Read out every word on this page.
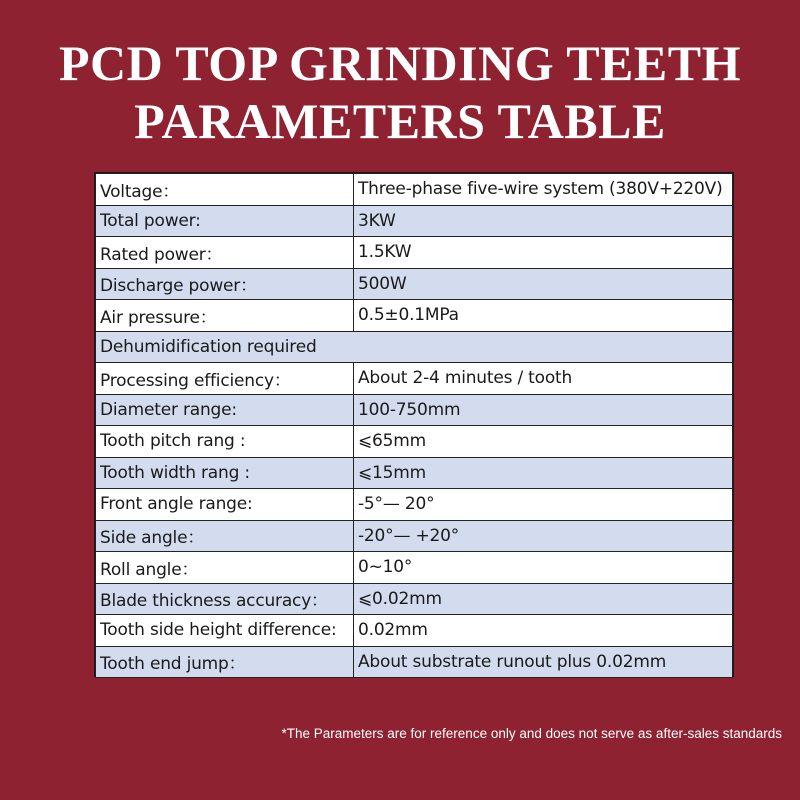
PCD TOP GRINDING TEETH
PARAMETERS TABLE
Voltage：	Three-phase five-wire system (380V+220V)
Total power:	3KW
Rated power：	1.5KW
Discharge power：	500W
Air pressure：	0.5±0.1MPa
Dehumidification required	
Processing efficiency：	About 2-4 minutes / tooth
Diameter range:	100-750mm
Tooth pitch rang :	⩽65mm
Tooth width rang :	⩽15mm
Front angle range:	-5°— 20°
Side angle：	-20°— +20°
Roll angle：	0~10°
Blade thickness accuracy：	⩽0.02mm
Tooth side height difference:	0.02mm
Tooth end jump：	About substrate runout plus 0.02mm
*The Parameters are for reference only and does not serve as after-sales standards
